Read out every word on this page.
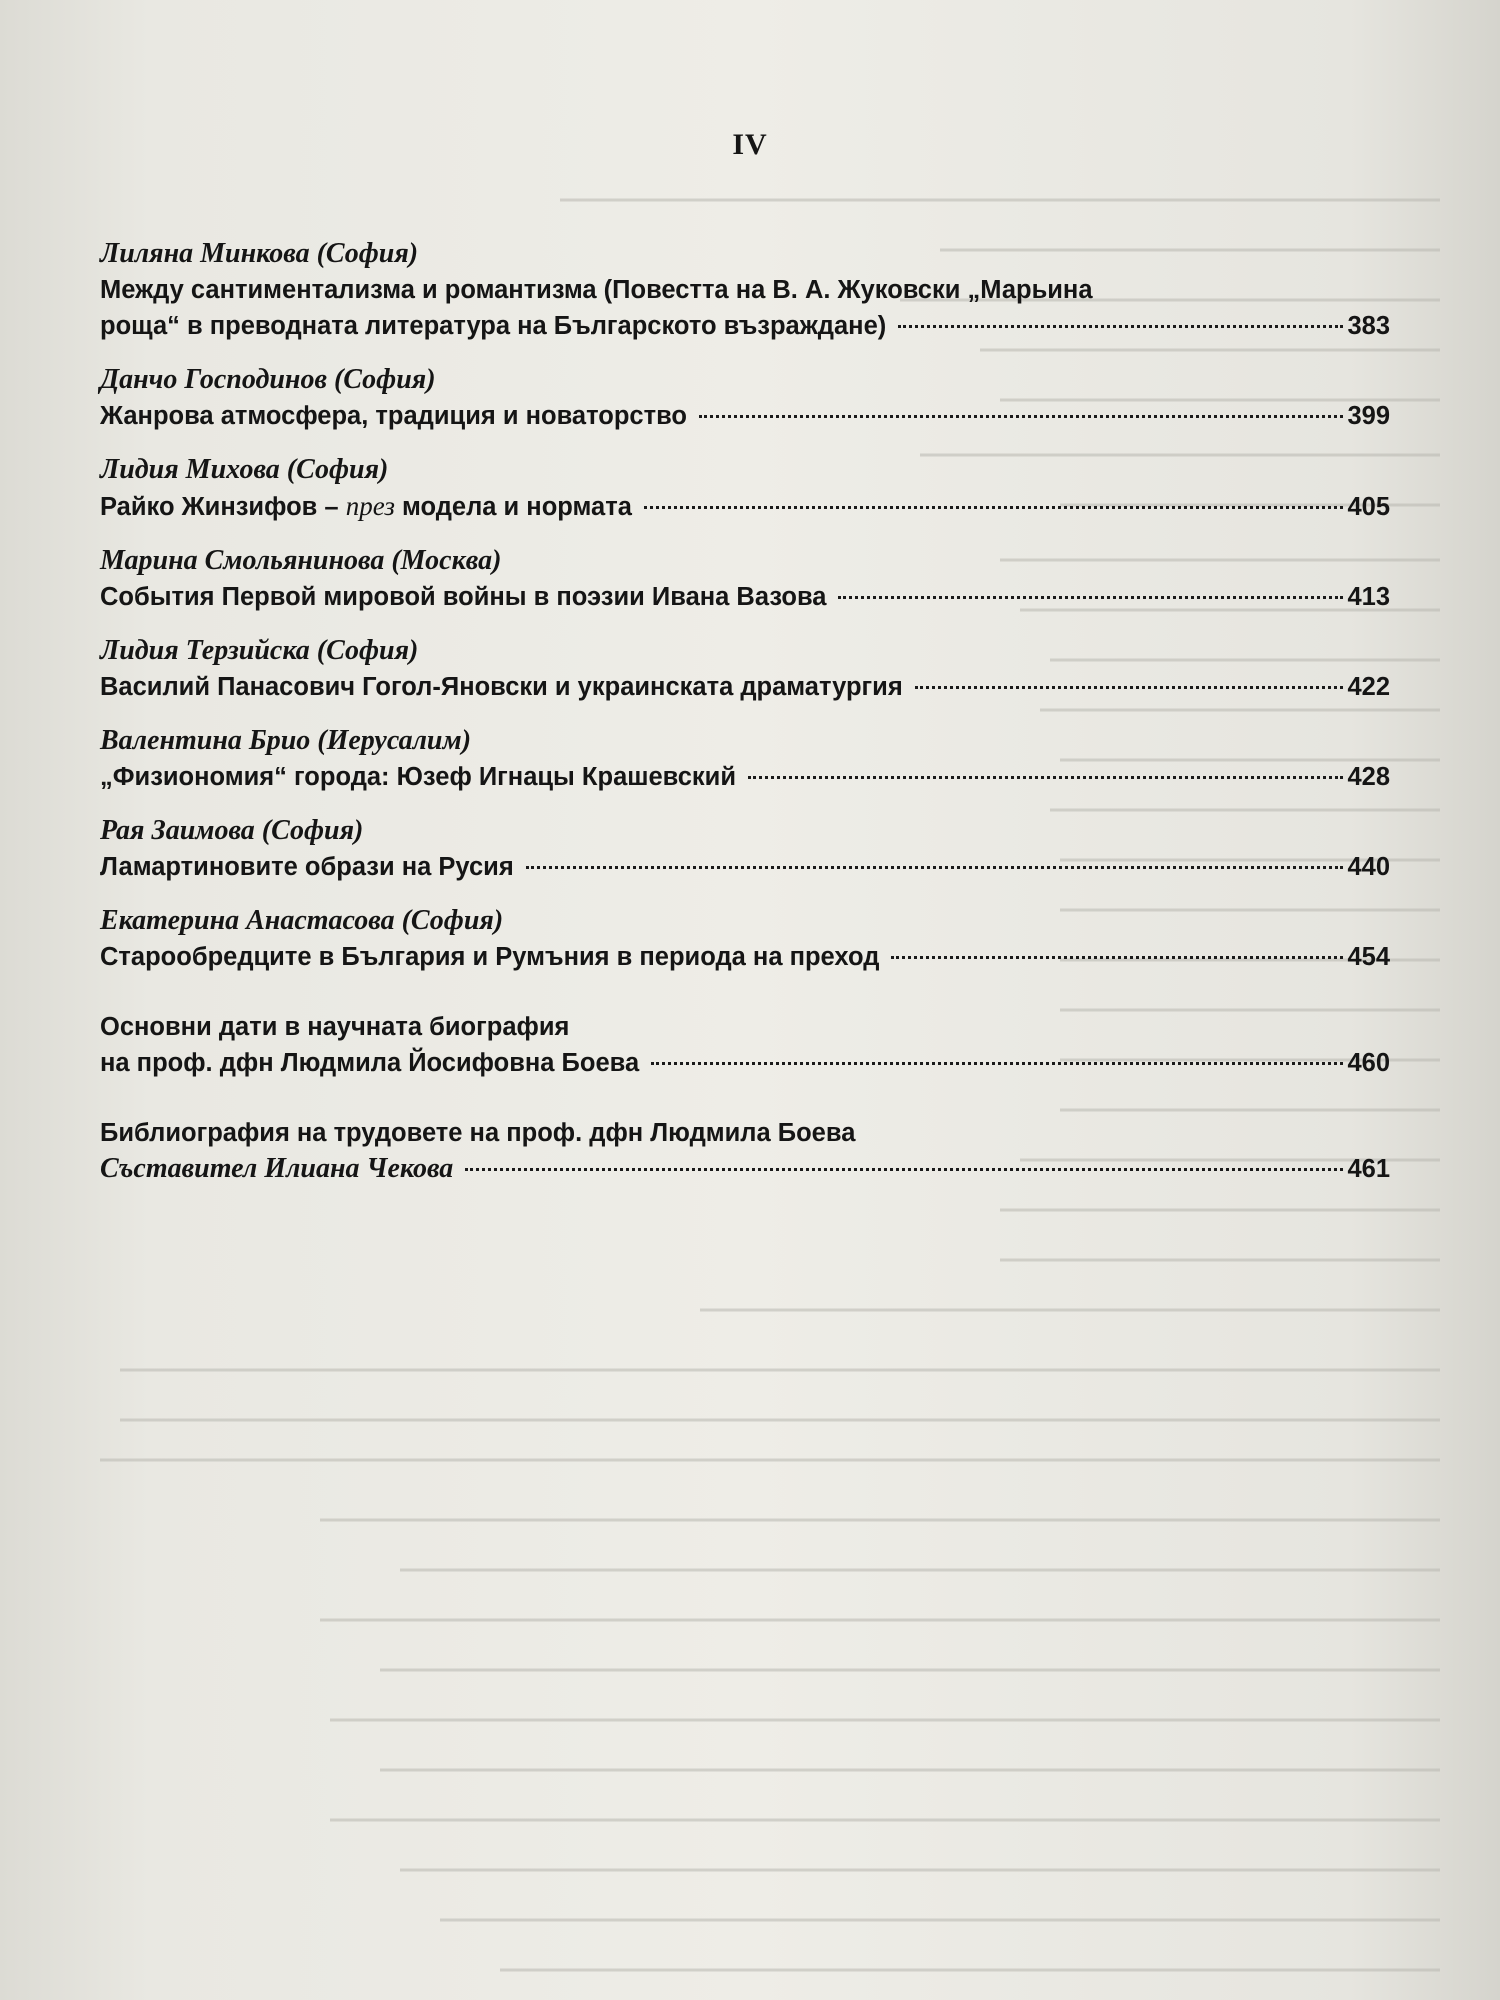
IV
Лиляна Минкова (София)
Между сантиментализма и романтизма (Повестта на В. А. Жуковски „Марьина
роща“ в преводната литература на Българското възраждане)	383
Данчо Господинов (София)
Жанрова атмосфера, традиция и новаторство	399
Лидия Михова (София)
Райко Жинзифов – през модела и нормата	405
Марина Смольянинова (Москва)
События Первой мировой войны в поэзии Ивана Вазова	413
Лидия Терзийска (София)
Василий Панасович Гогол-Яновски и украинската драматургия	422
Валентина Брио (Иерусалим)
„Физиономия“ города: Юзеф Игнацы Крашевский	428
Рая Заимова (София)
Ламартиновите образи на Русия	440
Екатерина Анастасова (София)
Старообредците в България и Румъния в периода на преход	454
Основни дати в научната биография
на проф. дфн Людмила Йосифовна Боева	460
Библиография на трудовете на проф. дфн Людмила Боева
Съставител Илиана Чекова	461
